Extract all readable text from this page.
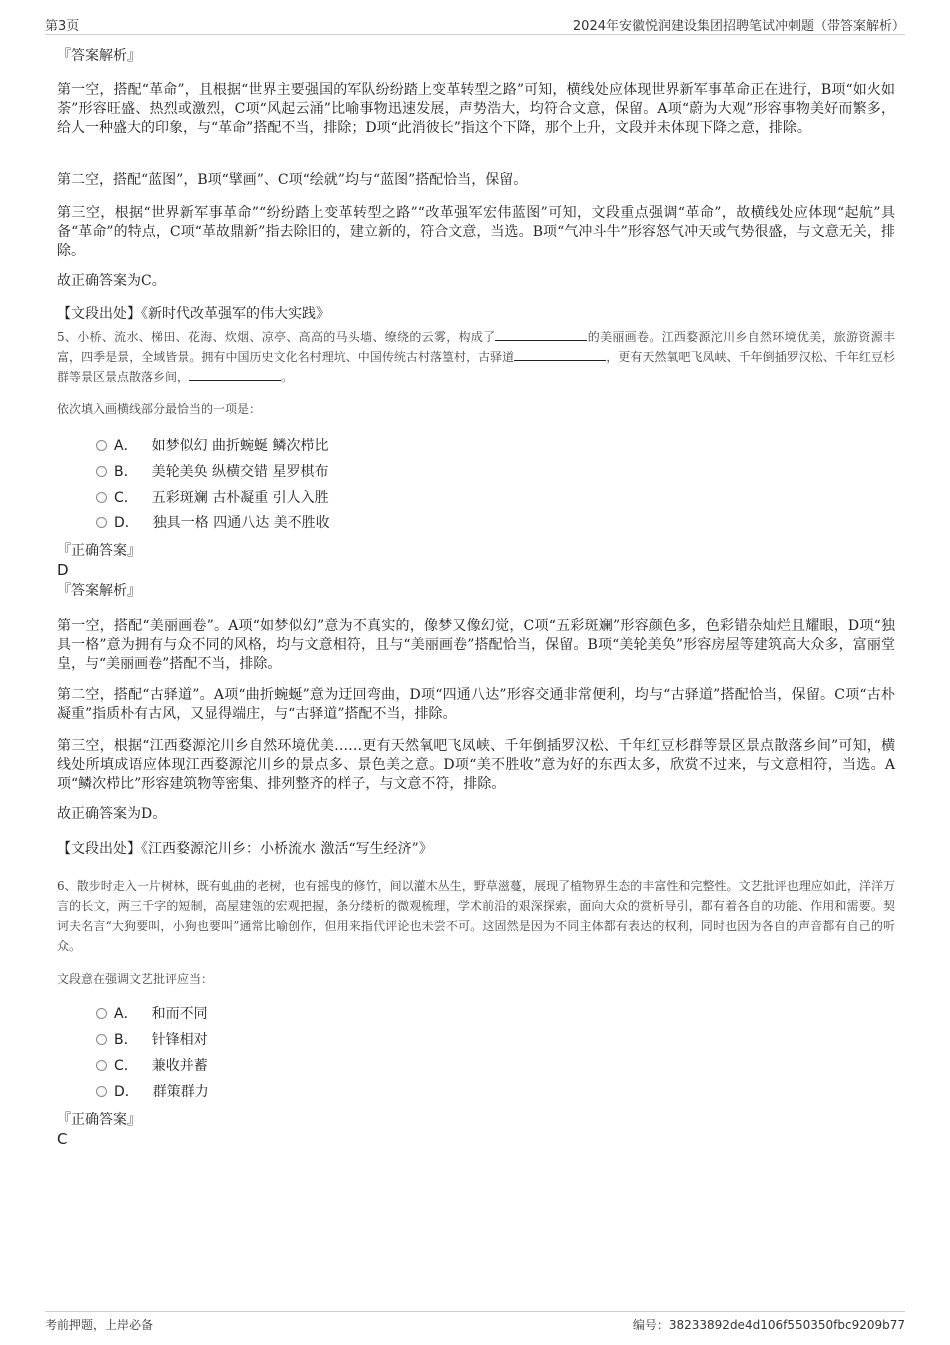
第3页	2024年安徽悦润建设集团招聘笔试冲刺题（带答案解析）
『答案解析』

第一空，搭配“革命”，且根据“世界主要强国的军队纷纷踏上变革转型之路”可知，横线处应体现世界新军事革命正在进行，B项“如火如荼”形容旺盛、热烈或激烈，C项“风起云涌”比喻事物迅速发展，声势浩大，均符合文意，保留。A项“蔚为大观”形容事物美好而繁多，给人一种盛大的印象，与“革命”搭配不当，排除；D项“此消彼长”指这个下降，那个上升，文段并未体现下降之意，排除。

第二空，搭配“蓝图”，B项“擘画”、C项“绘就”均与“蓝图”搭配恰当，保留。

第三空，根据“世界新军事革命”“纷纷踏上变革转型之路”“改革强军宏伟蓝图”可知，文段重点强调“革命”，故横线处应体现“起航”具备“革命”的特点，C项“革故鼎新”指去除旧的，建立新的，符合文意，当选。B项“气冲斗牛”形容怒气冲天或气势很盛，与文意无关，排除。

故正确答案为C。

【文段出处】《新时代改革强军的伟大实践》

5、小桥、流水、梯田、花海、炊烟、凉亭、高高的马头墙、缭绕的云雾，构成了	的美丽画卷。江西婺源沱川乡自然环境优美，旅游资源丰富，四季是景，全域皆景。拥有中国历史文化名村理坑、中国传统古村落篁村，古驿道	，更有天然氧吧飞凤峡、千年倒插罗汉松、千年红豆杉群等景区景点散落乡间，	。

依次填入画横线部分最恰当的一项是：

A． 如梦似幻 曲折蜿蜒 鳞次栉比
B． 美轮美奂 纵横交错 星罗棋布
C． 五彩斑斓 古朴凝重 引人入胜
D． 独具一格 四通八达 美不胜收
『正确答案』
D
『答案解析』

第一空，搭配“美丽画卷”。A项“如梦似幻”意为不真实的，像梦又像幻觉，C项“五彩斑斓”形容颜色多，色彩错杂灿烂且耀眼，D项“独具一格”意为拥有与众不同的风格，均与文意相符，且与“美丽画卷”搭配恰当，保留。B项“美轮美奂”形容房屋等建筑高大众多，富丽堂皇，与“美丽画卷”搭配不当，排除。

第二空，搭配“古驿道”。A项“曲折蜿蜒”意为迂回弯曲，D项“四通八达”形容交通非常便利，均与“古驿道”搭配恰当，保留。C项“古朴凝重”指质朴有古风，又显得端庄，与“古驿道”搭配不当，排除。

第三空，根据“江西婺源沱川乡自然环境优美……更有天然氧吧飞凤峡、千年倒插罗汉松、千年红豆杉群等景区景点散落乡间”可知，横线处所填成语应体现江西婺源沱川乡的景点多、景色美之意。D项“美不胜收”意为好的东西太多，欣赏不过来，与文意相符，当选。A项“鳞次栉比”形容建筑物等密集、排列整齐的样子，与文意不符，排除。

故正确答案为D。

【文段出处】《江西婺源沱川乡：小桥流水 激活“写生经济”》

6、散步时走入一片树林，既有虬曲的老树，也有摇曳的修竹，间以灌木丛生，野草滋蔓，展现了植物界生态的丰富性和完整性。文艺批评也理应如此，洋洋万言的长文，两三千字的短制，高屋建瓴的宏观把握，条分缕析的微观梳理，学术前沿的艰深探索，面向大众的赏析导引，都有着各自的功能、作用和需要。契诃夫名言“大狗要叫，小狗也要叫”通常比喻创作，但用来指代评论也未尝不可。这固然是因为不同主体都有表达的权利，同时也因为各自的声音都有自己的听众。

文段意在强调文艺批评应当：

A． 和而不同
B． 针锋相对
C． 兼收并蓄
D． 群策群力
『正确答案』
C
考前押题，上岸必备	编号：38233892de4d106f550350fbc9209b77
